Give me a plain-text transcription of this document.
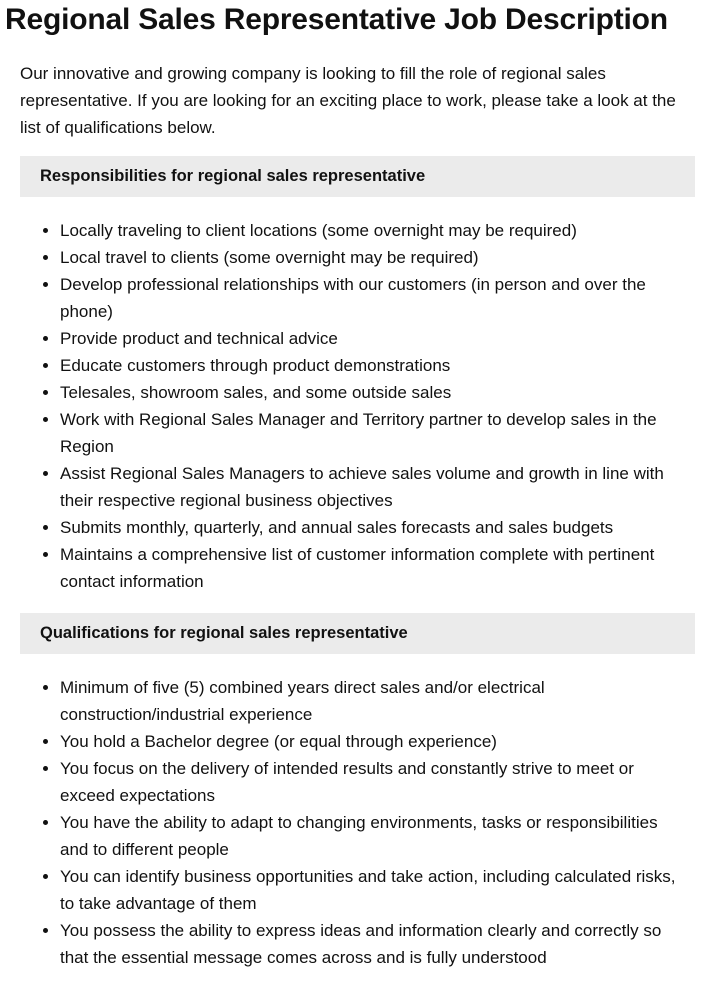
Regional Sales Representative Job Description

Our innovative and growing company is looking to fill the role of regional sales representative. If you are looking for an exciting place to work, please take a look at the list of qualifications below.

Responsibilities for regional sales representative
• Locally traveling to client locations (some overnight may be required)
• Local travel to clients (some overnight may be required)
• Develop professional relationships with our customers (in person and over the phone)
• Provide product and technical advice
• Educate customers through product demonstrations
• Telesales, showroom sales, and some outside sales
• Work with Regional Sales Manager and Territory partner to develop sales in the Region
• Assist Regional Sales Managers to achieve sales volume and growth in line with their respective regional business objectives
• Submits monthly, quarterly, and annual sales forecasts and sales budgets
• Maintains a comprehensive list of customer information complete with pertinent contact information
Qualifications for regional sales representative
• Minimum of five (5) combined years direct sales and/or electrical construction/industrial experience
• You hold a Bachelor degree (or equal through experience)
• You focus on the delivery of intended results and constantly strive to meet or exceed expectations
• You have the ability to adapt to changing environments, tasks or responsibilities and to different people
• You can identify business opportunities and take action, including calculated risks, to take advantage of them
• You possess the ability to express ideas and information clearly and correctly so that the essential message comes across and is fully understood
